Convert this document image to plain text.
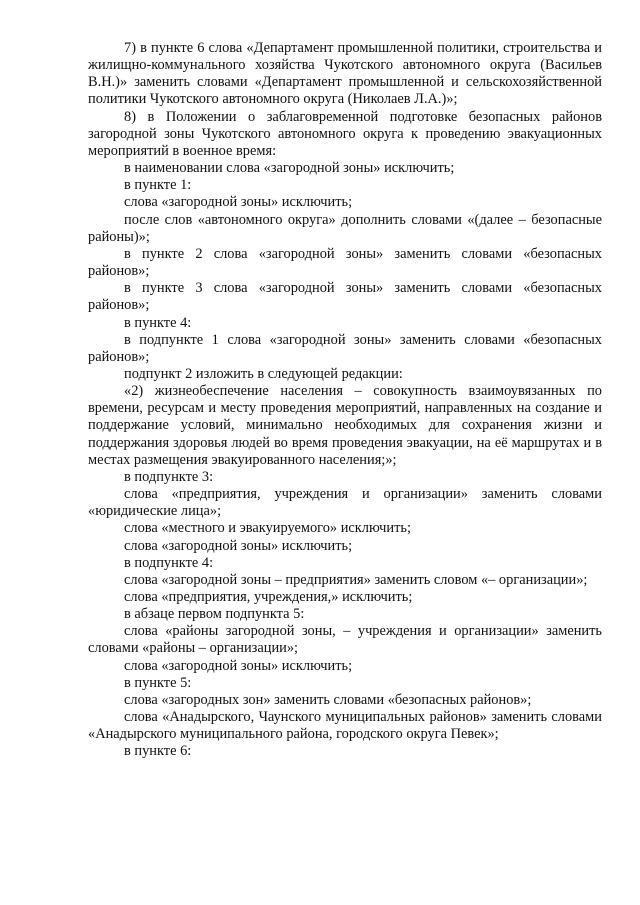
7) в пункте 6 слова «Департамент промышленной политики, строительства и жилищно-коммунального хозяйства Чукотского автономного округа (Васильев В.Н.)» заменить словами «Департамент промышленной и сельскохозяйственной политики Чукотского автономного округа (Николаев Л.А.)»;

8) в Положении о заблаговременной подготовке безопасных районов загородной зоны Чукотского автономного округа к проведению эвакуационных мероприятий в военное время:

в наименовании слова «загородной зоны» исключить;

в пункте 1:

слова «загородной зоны» исключить;

после слов «автономного округа» дополнить словами «(далее – безопасные районы)»;

в пункте 2 слова «загородной зоны» заменить словами «безопасных районов»;

в пункте 3 слова «загородной зоны» заменить словами «безопасных районов»;

в пункте 4:

в подпункте 1 слова «загородной зоны» заменить словами «безопасных районов»;

подпункт 2 изложить в следующей редакции:

«2) жизнеобеспечение населения – совокупность взаимоувязанных по времени, ресурсам и месту проведения мероприятий, направленных на создание и поддержание условий, минимально необходимых для сохранения жизни и поддержания здоровья людей во время проведения эвакуации, на её маршрутах и в местах размещения эвакуированного населения;»;

в подпункте 3:

слова «предприятия, учреждения и организации» заменить словами «юридические лица»;

слова «местного и эвакуируемого» исключить;

слова «загородной зоны» исключить;

в подпункте 4:

слова «загородной зоны – предприятия» заменить словом «– организации»;

слова «предприятия, учреждения,» исключить;

в абзаце первом подпункта 5:

слова «районы загородной зоны, – учреждения и организации» заменить словами «районы – организации»;

слова «загородной зоны» исключить;

в пункте 5:

слова «загородных зон» заменить словами «безопасных районов»;

слова «Анадырского, Чаунского муниципальных районов» заменить словами «Анадырского муниципального района, городского округа Певек»;

в пункте 6:
